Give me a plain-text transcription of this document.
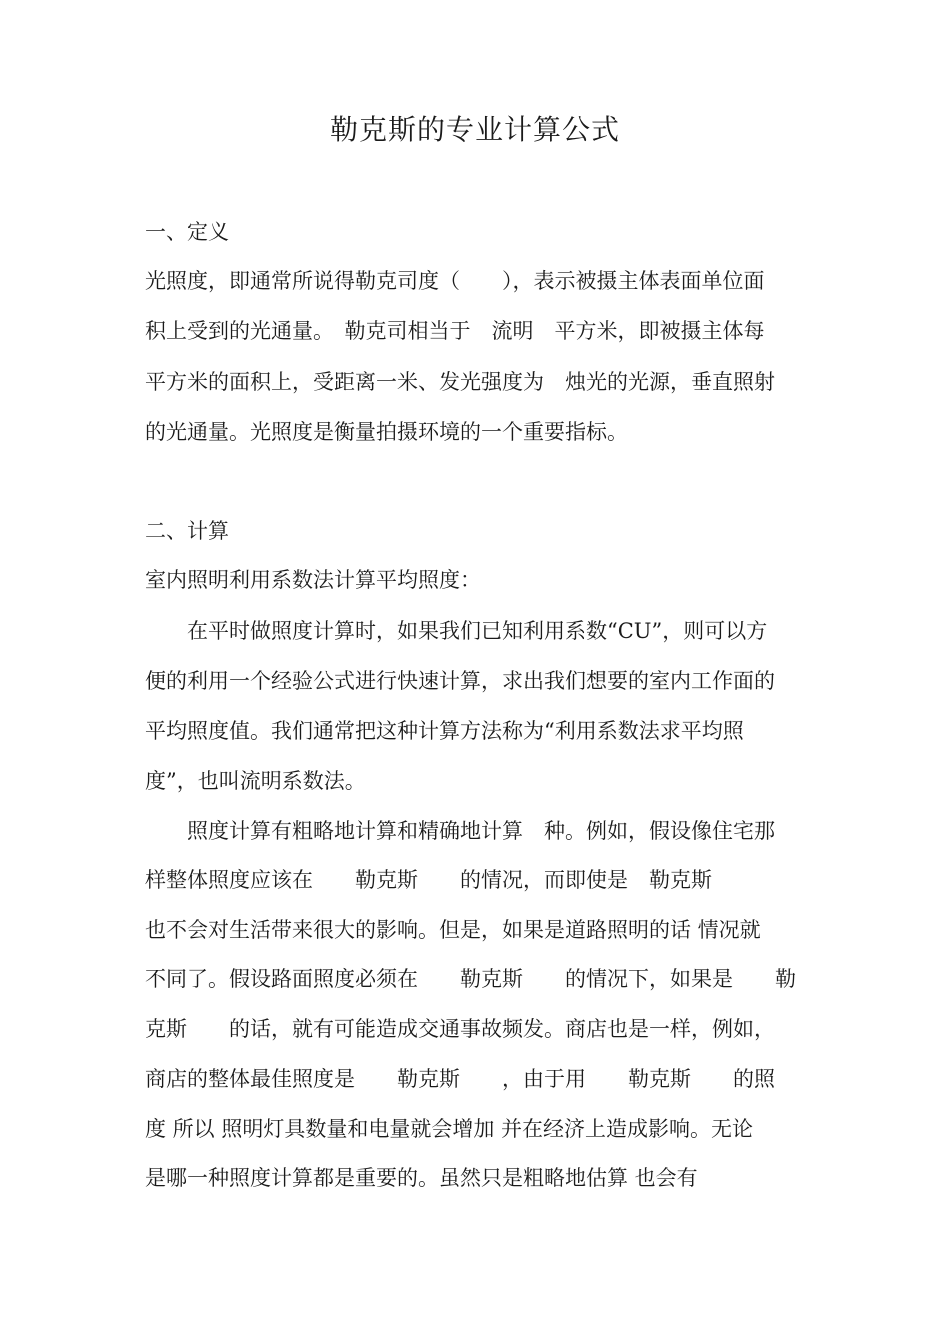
勒克斯的专业计算公式
一、定义
光照度，即通常所说得勒克司度（　　），表示被摄主体表面单位面
积上受到的光通量。　勒克司相当于　流明　平方米，即被摄主体每
平方米的面积上，受距离一米、发光强度为　烛光的光源，垂直照射
的光通量。光照度是衡量拍摄环境的一个重要指标。
二、计算
室内照明利用系数法计算平均照度：
　　在平时做照度计算时，如果我们已知利用系数“CU”，则可以方
便的利用一个经验公式进行快速计算，求出我们想要的室内工作面的
平均照度值。我们通常把这种计算方法称为“利用系数法求平均照
度”，也叫流明系数法。
　　照度计算有粗略地计算和精确地计算　种。例如，假设像住宅那
样整体照度应该在　　勒克斯　　的情况，而即使是　勒克斯
也不会对生活带来很大的影响。但是，如果是道路照明的话 情况就
不同了。假设路面照度必须在　　勒克斯　　的情况下，如果是　　勒
克斯　　的话，就有可能造成交通事故频发。商店也是一样，例如，
商店的整体最佳照度是　　勒克斯　　，由于用　　勒克斯　　的照
度 所以 照明灯具数量和电量就会增加 并在经济上造成影响。无论
是哪一种照度计算都是重要的。虽然只是粗略地估算 也会有
